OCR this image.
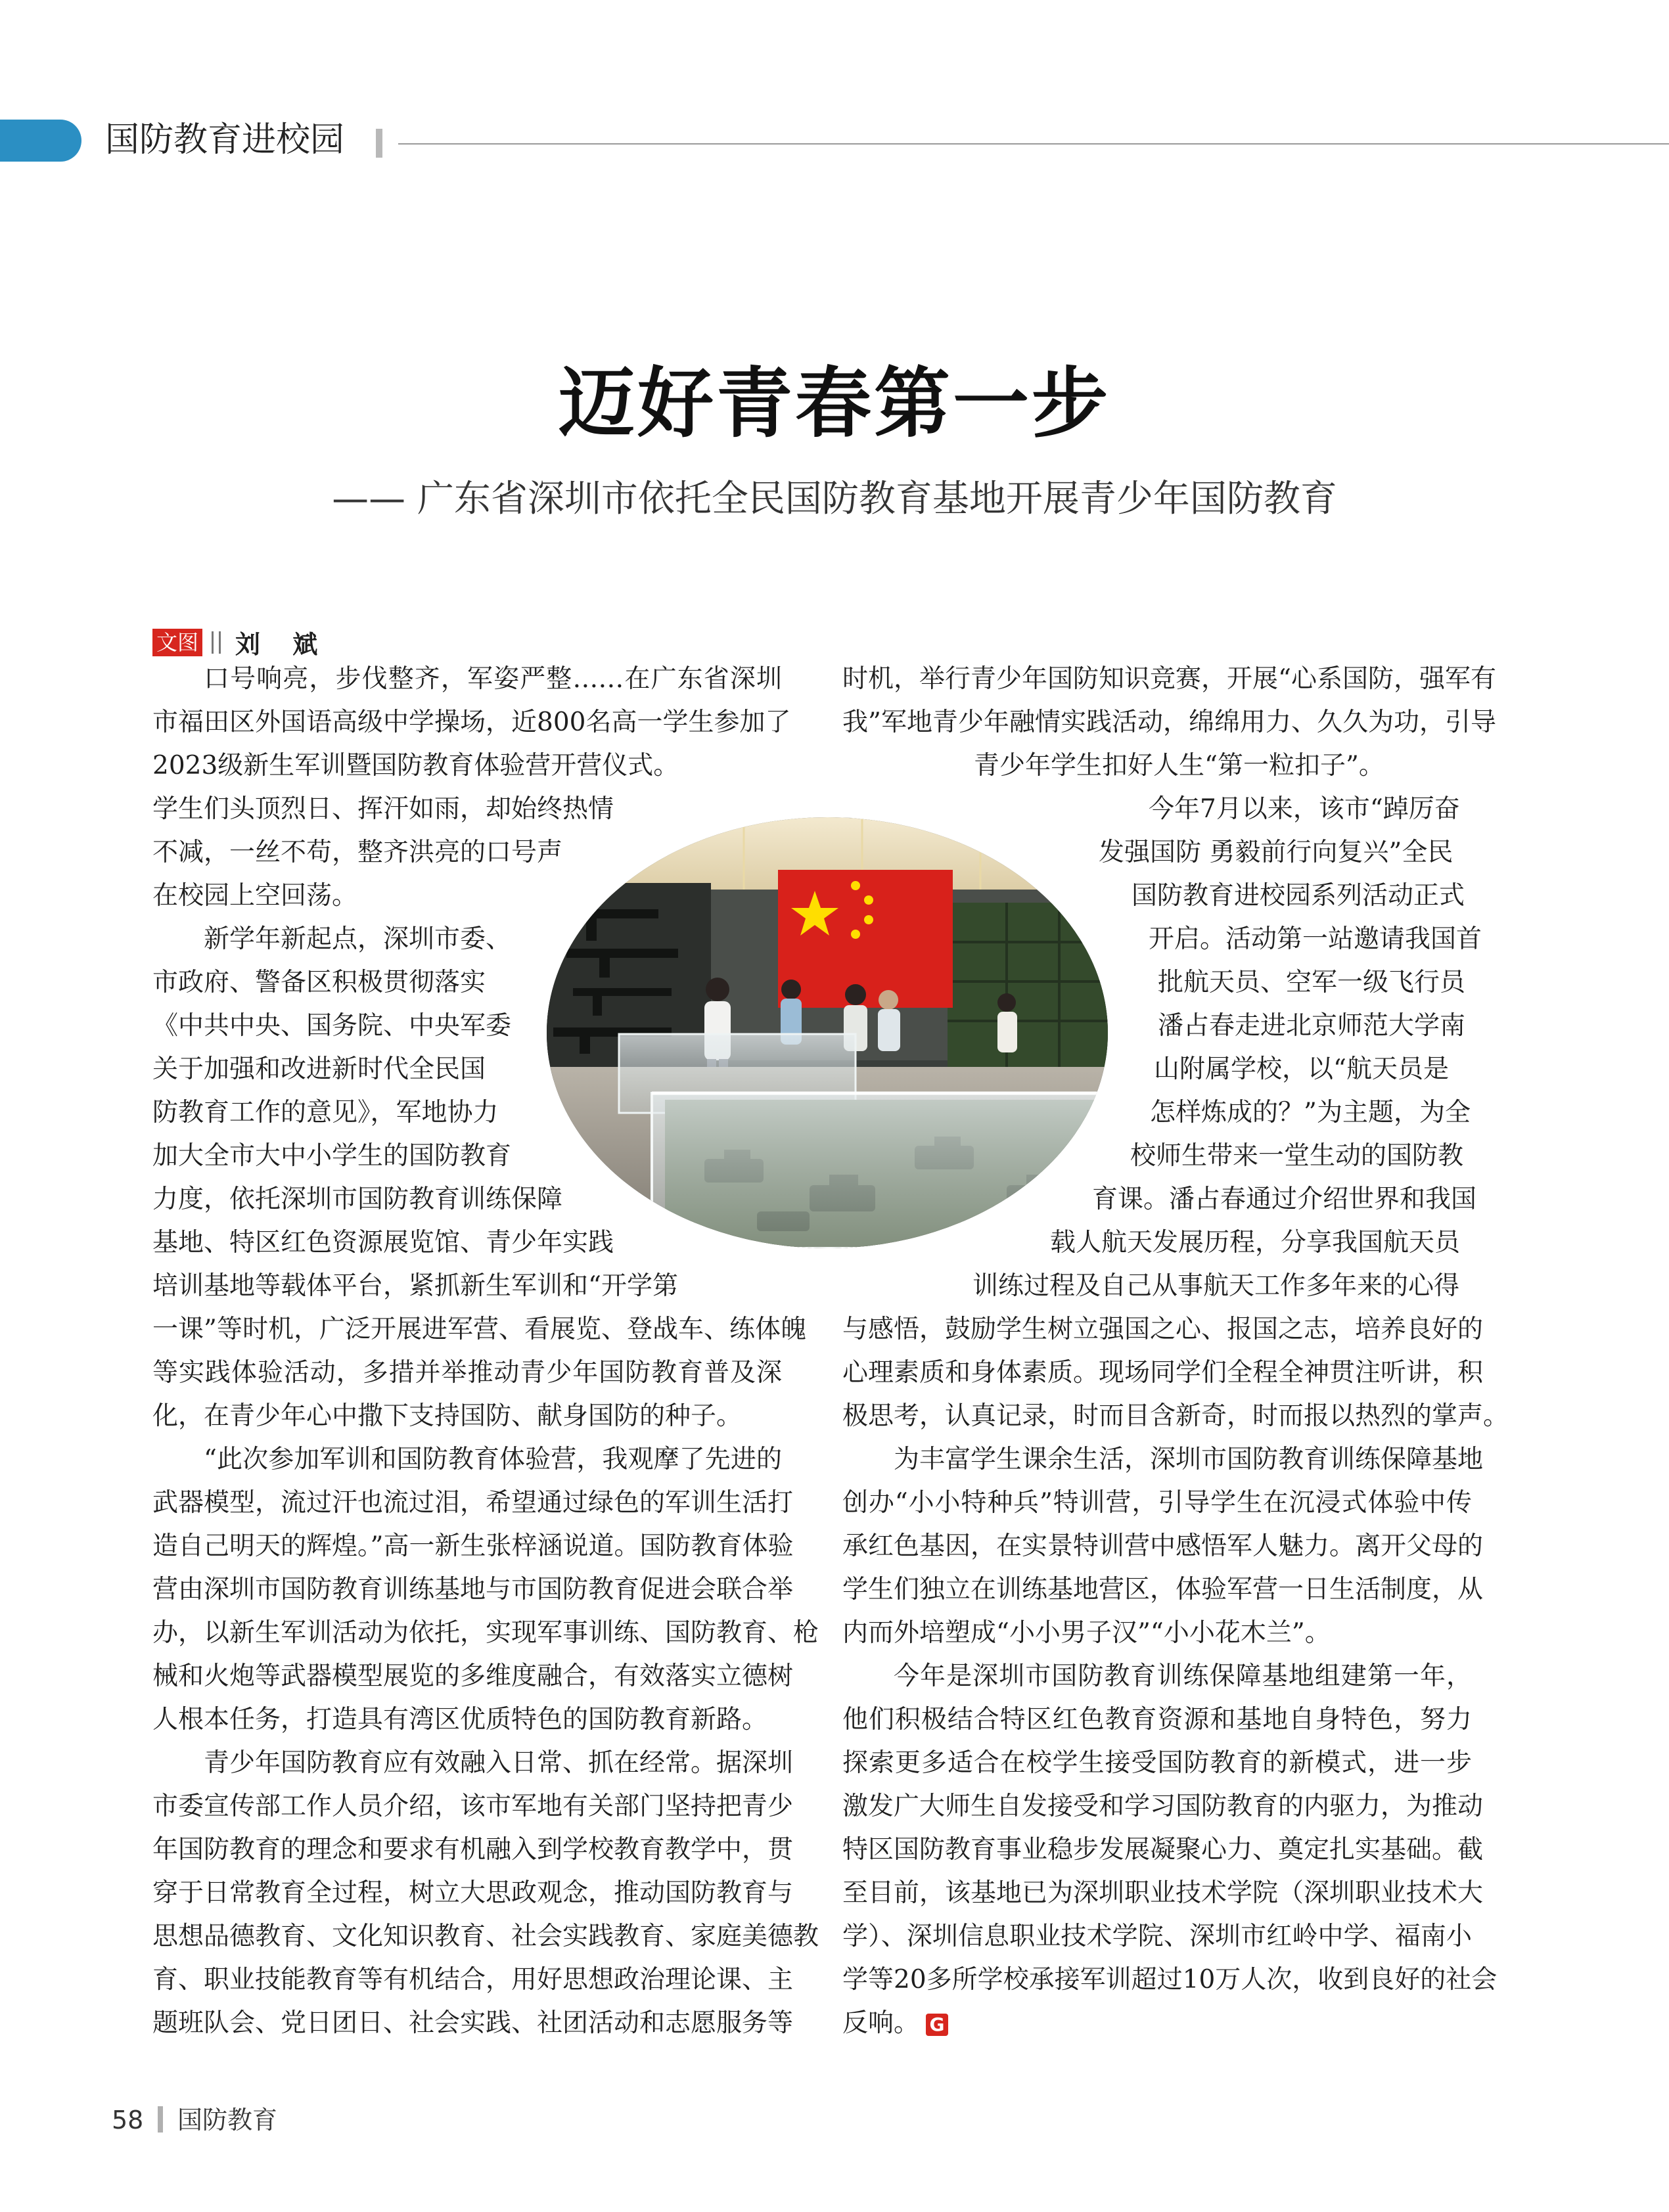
国防教育进校园
迈好青春第一步
—— 广东省深圳市依托全民国防教育基地开展青少年国防教育
文图 刘 斌
口号响亮，步伐整齐，军姿严整……在广东省深圳
市福田区外国语高级中学操场，近800名高一学生参加了
2023级新生军训暨国防教育体验营开营仪式。
学生们头顶烈日、挥汗如雨，却始终热情
不减，一丝不苟，整齐洪亮的口号声
在校园上空回荡。
新学年新起点，深圳市委、
市政府、警备区积极贯彻落实
《中共中央、国务院、中央军委
关于加强和改进新时代全民国
防教育工作的意见》，军地协力
加大全市大中小学生的国防教育
力度，依托深圳市国防教育训练保障
基地、特区红色资源展览馆、青少年实践
培训基地等载体平台，紧抓新生军训和“开学第
一课”等时机，广泛开展进军营、看展览、登战车、练体魄
等实践体验活动，多措并举推动青少年国防教育普及深
化，在青少年心中撒下支持国防、献身国防的种子。
“此次参加军训和国防教育体验营，我观摩了先进的
武器模型，流过汗也流过泪，希望通过绿色的军训生活打
造自己明天的辉煌。”高一新生张梓涵说道。国防教育体验
营由深圳市国防教育训练基地与市国防教育促进会联合举
办，以新生军训活动为依托，实现军事训练、国防教育、枪
械和火炮等武器模型展览的多维度融合，有效落实立德树
人根本任务，打造具有湾区优质特色的国防教育新路。
青少年国防教育应有效融入日常、抓在经常。据深圳
市委宣传部工作人员介绍，该市军地有关部门坚持把青少
年国防教育的理念和要求有机融入到学校教育教学中，贯
穿于日常教育全过程，树立大思政观念，推动国防教育与
思想品德教育、文化知识教育、社会实践教育、家庭美德教
育、职业技能教育等有机结合，用好思想政治理论课、主
题班队会、党日团日、社会实践、社团活动和志愿服务等
时机，举行青少年国防知识竞赛，开展“心系国防，强军有
我”军地青少年融情实践活动，绵绵用力、久久为功，引导
青少年学生扣好人生“第一粒扣子”。
今年7月以来，该市“踔厉奋
发强国防 勇毅前行向复兴”全民
国防教育进校园系列活动正式
开启。活动第一站邀请我国首
批航天员、空军一级飞行员
潘占春走进北京师范大学南
山附属学校，以“航天员是
怎样炼成的？”为主题，为全
校师生带来一堂生动的国防教
育课。潘占春通过介绍世界和我国
载人航天发展历程，分享我国航天员
训练过程及自己从事航天工作多年来的心得
与感悟，鼓励学生树立强国之心、报国之志，培养良好的
心理素质和身体素质。现场同学们全程全神贯注听讲，积
极思考，认真记录，时而目含新奇，时而报以热烈的掌声。
为丰富学生课余生活，深圳市国防教育训练保障基地
创办“小小特种兵”特训营，引导学生在沉浸式体验中传
承红色基因，在实景特训营中感悟军人魅力。离开父母的
学生们独立在训练基地营区，体验军营一日生活制度，从
内而外培塑成“小小男子汉”“小小花木兰”。
今年是深圳市国防教育训练保障基地组建第一年，
他们积极结合特区红色教育资源和基地自身特色，努力
探索更多适合在校学生接受国防教育的新模式，进一步
激发广大师生自发接受和学习国防教育的内驱力，为推动
特区国防教育事业稳步发展凝聚心力、奠定扎实基础。截
至目前，该基地已为深圳职业技术学院（深圳职业技术大
学）、深圳信息职业技术学院、深圳市红岭中学、福南小
学等20多所学校承接军训超过10万人次，收到良好的社会
反响。 G
58 国防教育
